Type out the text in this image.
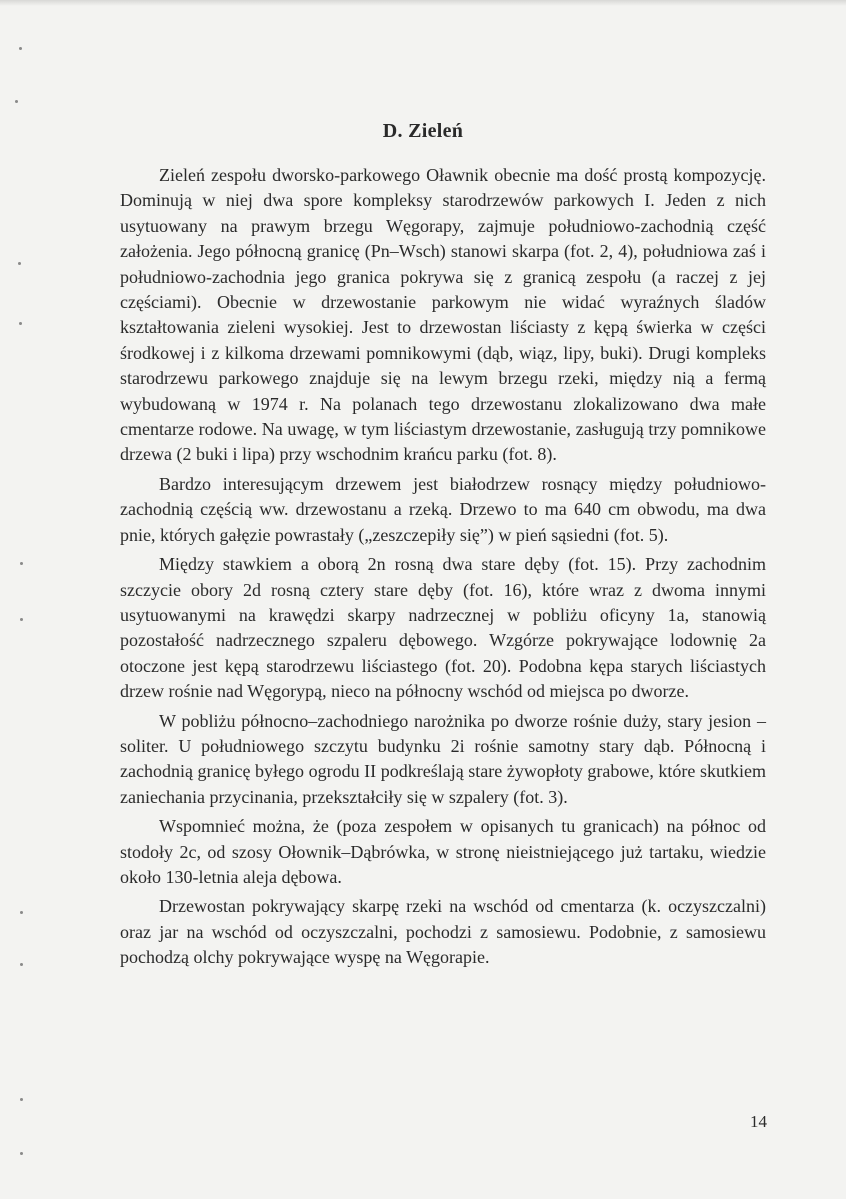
D. Zieleń

Zieleń zespołu dworsko-parkowego Oławnik obecnie ma dość prostą kompozycję. Dominują w niej dwa spore kompleksy starodrzewów parkowych I. Jeden z nich usytuowany na prawym brzegu Węgorapy, zajmuje południowo-zachodnią część założenia. Jego północną granicę (Pn–Wsch) stanowi skarpa (fot. 2, 4), południowa zaś i południowo-zachodnia jego granica pokrywa się z granicą zespołu (a raczej z jej częściami). Obecnie w drzewostanie parkowym nie widać wyraźnych śladów kształtowania zieleni wysokiej. Jest to drzewostan liściasty z kępą świerka w części środkowej i z kilkoma drzewami pomnikowymi (dąb, wiąz, lipy, buki). Drugi kompleks starodrzewu parkowego znajduje się na lewym brzegu rzeki, między nią a fermą wybudowaną w 1974 r. Na polanach tego drzewostanu zlokalizowano dwa małe cmentarze rodowe. Na uwagę, w tym liściastym drzewostanie, zasługują trzy pomnikowe drzewa (2 buki i lipa) przy wschodnim krańcu parku (fot. 8).

Bardzo interesującym drzewem jest białodrzew rosnący między południowo-zachodnią częścią ww. drzewostanu a rzeką. Drzewo to ma 640 cm obwodu, ma dwa pnie, których gałęzie powrastały („zeszczepiły się”) w pień sąsiedni (fot. 5).

Między stawkiem a oborą 2n rosną dwa stare dęby (fot. 15). Przy zachodnim szczycie obory 2d rosną cztery stare dęby (fot. 16), które wraz z dwoma innymi usytuowanymi na krawędzi skarpy nadrzecznej w pobliżu oficyny 1a, stanowią pozostałość nadrzecznego szpaleru dębowego. Wzgórze pokrywające lodownię 2a otoczone jest kępą starodrzewu liściastego (fot. 20). Podobna kępa starych liściastych drzew rośnie nad Węgorypą, nieco na północny wschód od miejsca po dworze.

W pobliżu północno–zachodniego narożnika po dworze rośnie duży, stary jesion – soliter. U południowego szczytu budynku 2i rośnie samotny stary dąb. Północną i zachodnią granicę byłego ogrodu II podkreślają stare żywopłoty grabowe, które skutkiem zaniechania przycinania, przekształciły się w szpalery (fot. 3).

Wspomnieć można, że (poza zespołem w opisanych tu granicach) na północ od stodoły 2c, od szosy Ołownik–Dąbrówka, w stronę nieistniejącego już tartaku, wiedzie około 130-letnia aleja dębowa.

Drzewostan pokrywający skarpę rzeki na wschód od cmentarza (k. oczyszczalni) oraz jar na wschód od oczyszczalni, pochodzi z samosiewu. Podobnie, z samosiewu pochodzą olchy pokrywające wyspę na Węgorapie.

14
